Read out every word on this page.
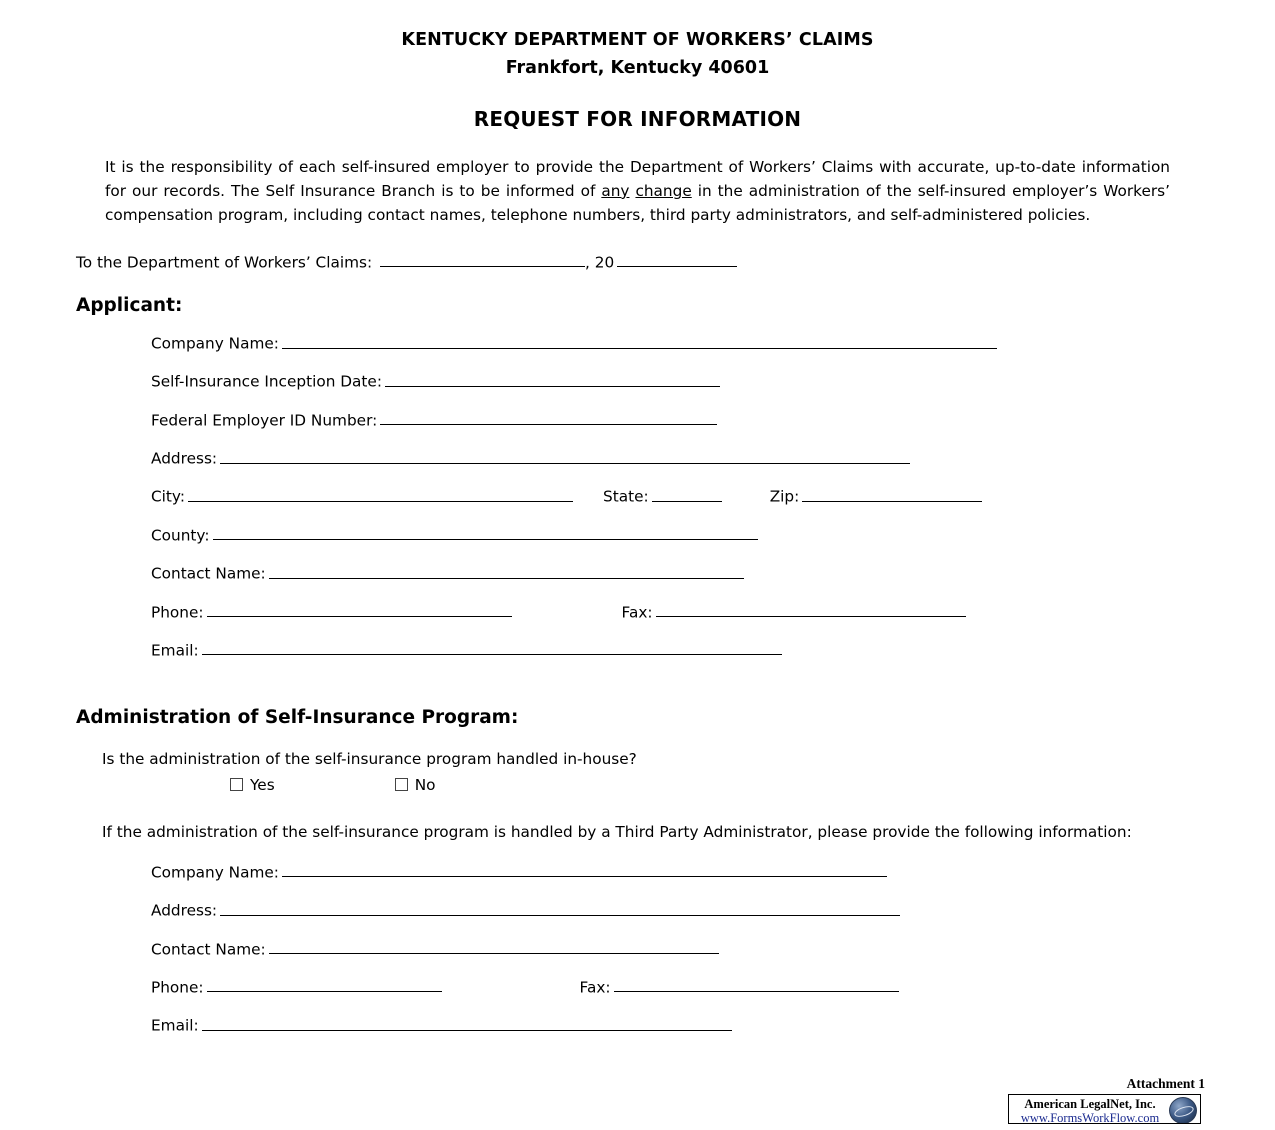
KENTUCKY DEPARTMENT OF WORKERS’ CLAIMS
Frankfort, Kentucky 40601
REQUEST FOR INFORMATION
It is the responsibility of each self-insured employer to provide the Department of Workers’ Claims with accurate, up-to-date information for our records. The Self Insurance Branch is to be informed of any change in the administration of the self-insured employer’s Workers’ compensation program, including contact names, telephone numbers, third party administrators, and self-administered policies.
To the Department of Workers’ Claims:	, 20
Applicant:
Company Name:
Self-Insurance Inception Date:
Federal Employer ID Number:
Address:
City:	State:	Zip:
County:
Contact Name:
Phone:	Fax:
Email:
Administration of Self-Insurance Program:
Is the administration of the self-insurance program handled in-house?
Yes	No
If the administration of the self-insurance program is handled by a Third Party Administrator, please provide the following information:
Company Name:
Address:
Contact Name:
Phone:	Fax:
Email:
Attachment 1
American LegalNet, Inc.
www.FormsWorkFlow.com
